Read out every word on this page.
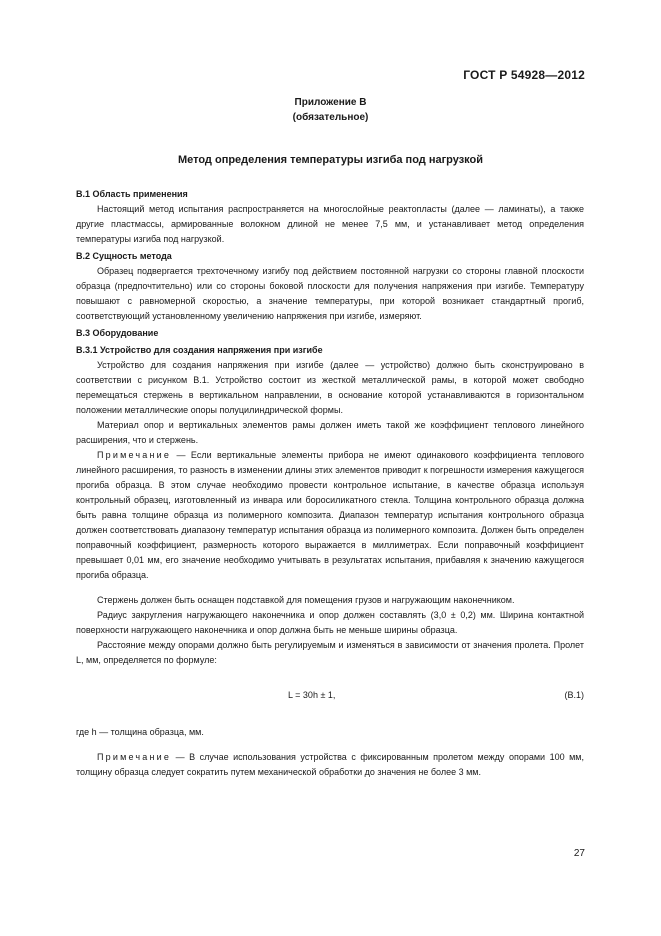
ГОСТ Р 54928—2012
Приложение В
(обязательное)
Метод определения температуры изгиба под нагрузкой
В.1 Область применения

Настоящий метод испытания распространяется на многослойные реактопласты (далее — ламинаты), а также другие пластмассы, армированные волокном длиной не менее 7,5 мм, и устанавливает метод определения температуры изгиба под нагрузкой.

В.2 Сущность метода

Образец подвергается трехточечному изгибу под действием постоянной нагрузки со стороны главной плоскости образца (предпочтительно) или со стороны боковой плоскости для получения напряжения при изгибе. Температуру повышают с равномерной скоростью, а значение температуры, при которой возникает стандартный прогиб, соответствующий установленному увеличению напряжения при изгибе, измеряют.

В.3 Оборудование
В.3.1 Устройство для создания напряжения при изгибе

Устройство для создания напряжения при изгибе (далее — устройство) должно быть сконструировано в соответствии с рисунком В.1. Устройство состоит из жесткой металлической рамы, в которой может свободно перемещаться стержень в вертикальном направлении, в основание которой устанавливаются в горизонтальном положении металлические опоры полуцилиндрической формы.

Материал опор и вертикальных элементов рамы должен иметь такой же коэффициент теплового линейного расширения, что и стержень.

Примечание — Если вертикальные элементы прибора не имеют одинакового коэффициента теплового линейного расширения, то разность в изменении длины этих элементов приводит к погрешности измерения кажущегося прогиба образца. В этом случае необходимо провести контрольное испытание, в качестве образца используя контрольный образец, изготовленный из инвара или боросиликатного стекла. Толщина контрольного образца должна быть равна толщине образца из полимерного композита. Диапазон температур испытания контрольного образца должен соответствовать диапазону температур испытания образца из полимерного композита. Должен быть определен поправочный коэффициент, размерность которого выражается в миллиметрах. Если поправочный коэффициент превышает 0,01 мм, его значение необходимо учитывать в результатах испытания, прибавляя к значению кажущегося прогиба образца.

Стержень должен быть оснащен подставкой для помещения грузов и нагружающим наконечником.

Радиус закругления нагружающего наконечника и опор должен составлять (3,0 ± 0,2) мм. Ширина контактной поверхности нагружающего наконечника и опор должна быть не меньше ширины образца.

Расстояние между опорами должно быть регулируемым и изменяться в зависимости от значения пролета. Пролет L, мм, определяется по формуле:

L = 30h ± 1,	(В.1)

где h — толщина образца, мм.

Примечание — В случае использования устройства с фиксированным пролетом между опорами 100 мм, толщину образца следует сократить путем механической обработки до значения не более 3 мм.

27
